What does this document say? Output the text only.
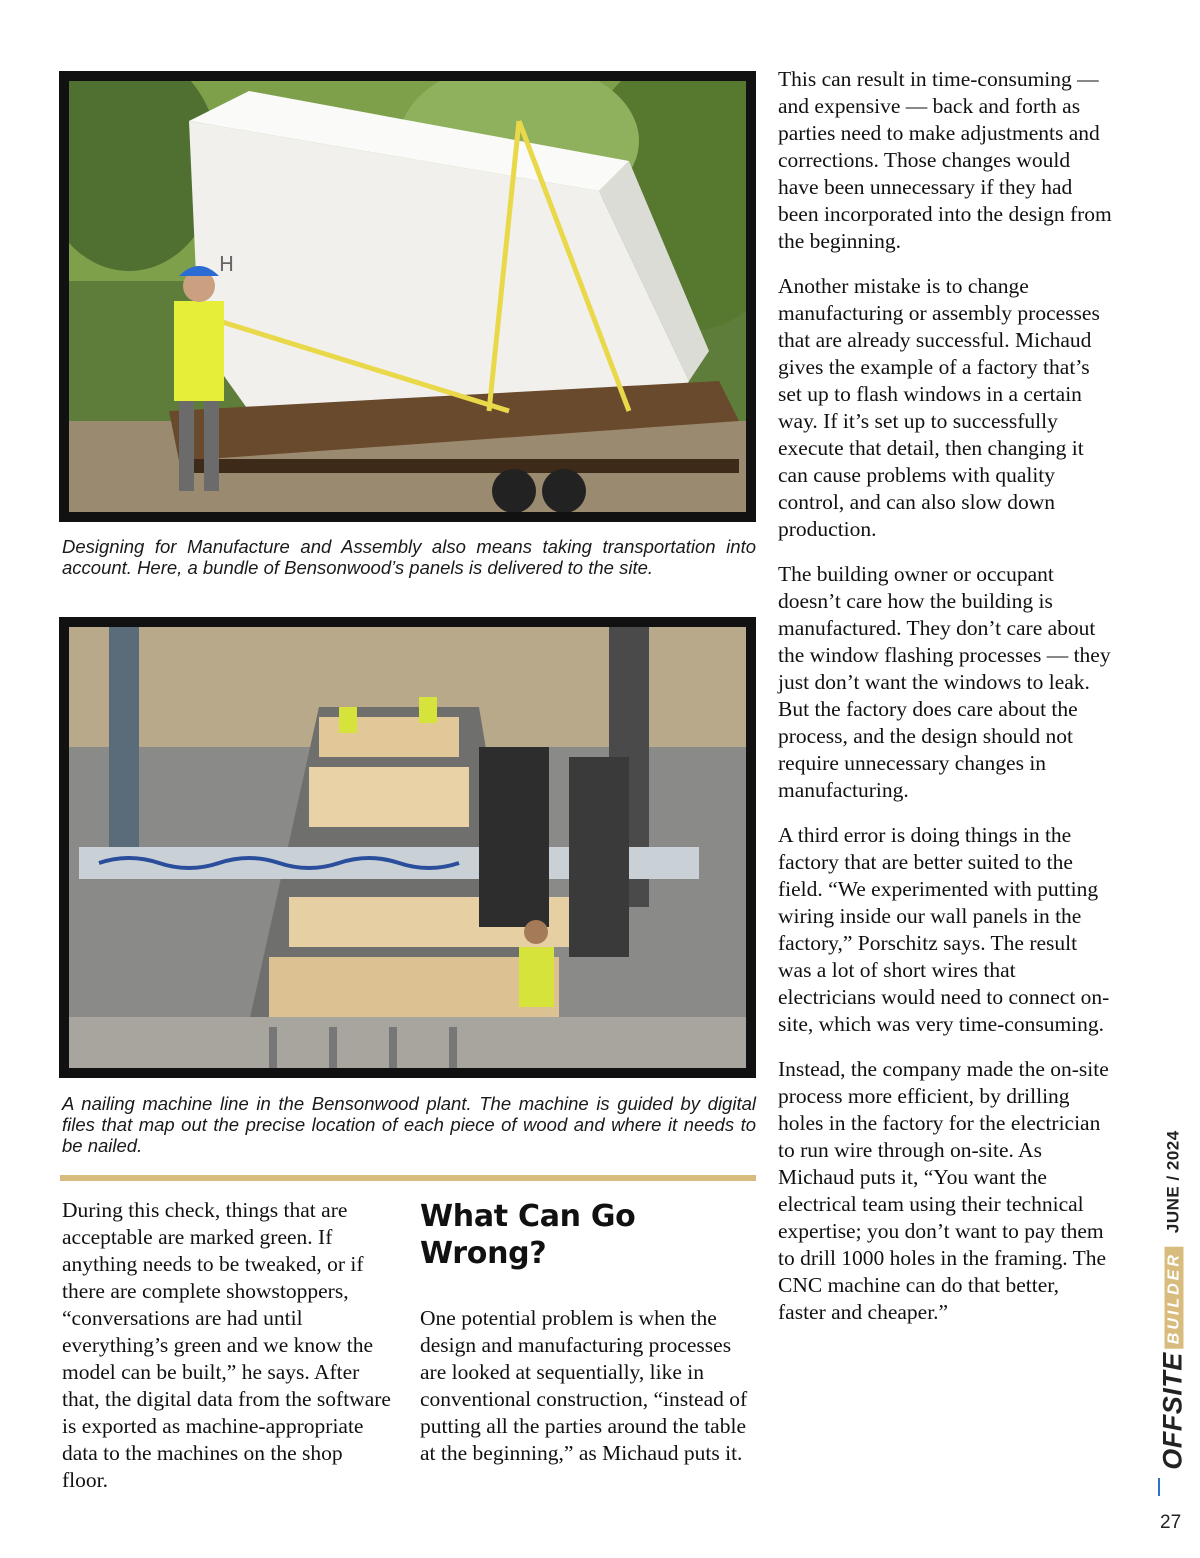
H

Designing for Manufacture and Assembly also means taking transportation into account. Here, a bundle of Bensonwood’s panels is delivered to the site.

A nailing machine line in the Bensonwood plant. The machine is guided by digital files that map out the precise location of each piece of wood and where it needs to be nailed.

During this check, things that are acceptable are marked green. If anything needs to be tweaked, or if there are complete showstoppers, “conversations are had until everything’s green and we know the model can be built,” he says. After that, the digital data from the software is exported as machine-appropriate data to the machines on the shop floor.

What Can Go Wrong?

One potential problem is when the design and manufacturing processes are looked at sequentially, like in conventional construction, “instead of putting all the parties around the table at the beginning,” as Michaud puts it.

This can result in time-consuming — and expensive — back and forth as parties need to make adjustments and corrections. Those changes would have been unnecessary if they had been incorporated into the design from the beginning.

Another mistake is to change manufacturing or assembly processes that are already successful. Michaud gives the example of a factory that’s set up to flash windows in a certain way. If it’s set up to successfully execute that detail, then changing it can cause problems with quality control, and can also slow down production.

The building owner or occupant doesn’t care how the building is manufactured. They don’t care about the window flashing processes — they just don’t want the windows to leak. But the factory does care about the process, and the design should not require unnecessary changes in manufacturing.

A third error is doing things in the factory that are better suited to the field. “We experimented with putting wiring inside our wall panels in the factory,” Porschitz says. The result was a lot of short wires that electricians would need to connect on-site, which was very time-consuming.

Instead, the company made the on-site process more efficient, by drilling holes in the factory for the electrician to run wire through on-site. As Michaud puts it, “You want the electrical team using their technical expertise; you don’t want to pay them to drill 1000 holes in the framing. The CNC machine can do that better, faster and cheaper.”

OFFSITEBUILDERJUNE / 2024
27
